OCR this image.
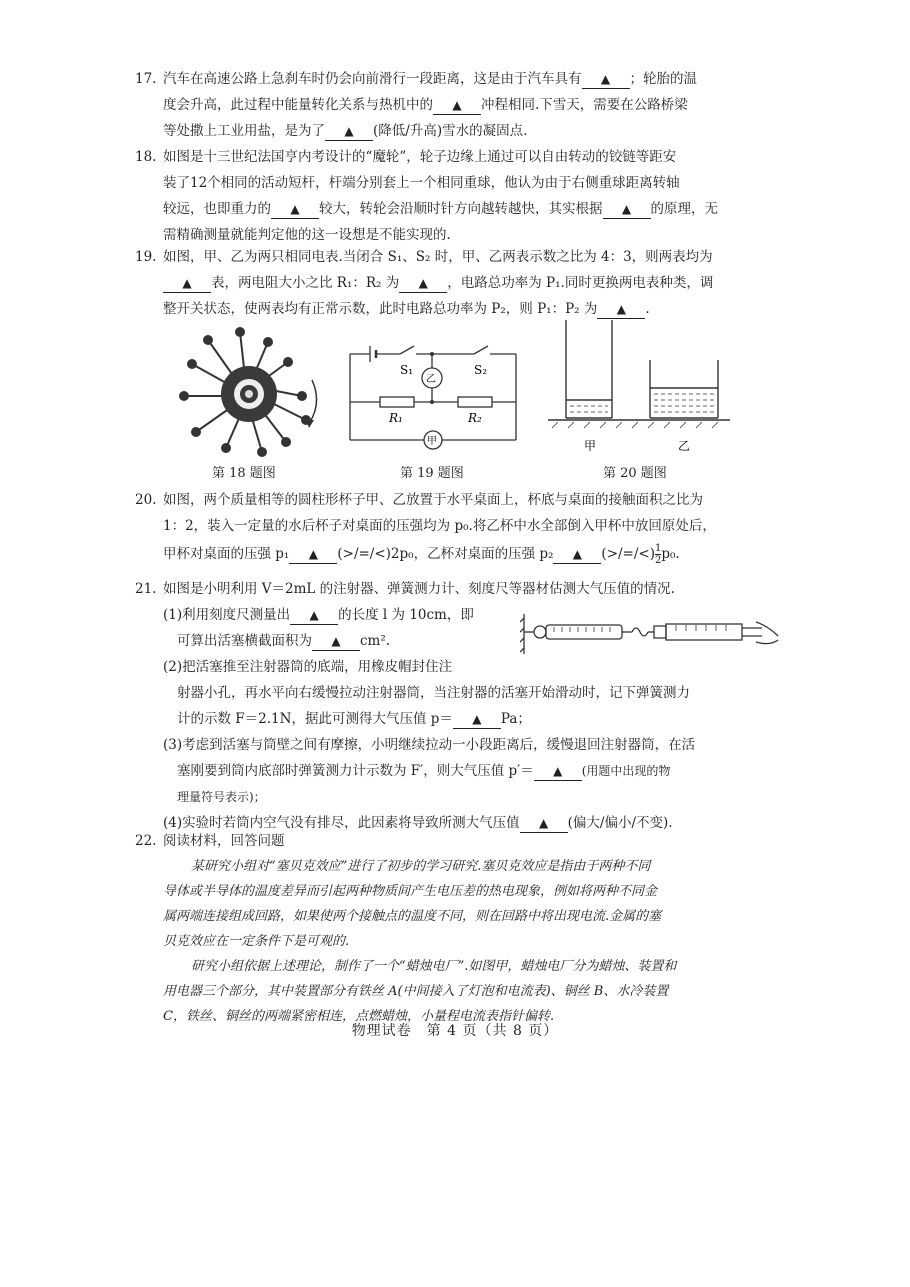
17. 汽车在高速公路上急刹车时仍会向前滑行一段距离，这是由于汽车具有 ▲ ；轮胎的温
度会升高，此过程中能量转化关系与热机中的 ▲ 冲程相同.下雪天，需要在公路桥梁
等处撒上工业用盐，是为了 ▲ (降低/升高)雪水的凝固点.
18. 如图是十三世纪法国亨内考设计的“魔轮”，轮子边缘上通过可以自由转动的铰链等距安
装了12个相同的活动短杆，杆端分别套上一个相同重球，他认为由于右侧重球距离转轴
较远，也即重力的 ▲ 较大，转轮会沿顺时针方向越转越快，其实根据 ▲ 的原理，无
需精确测量就能判定他的这一设想是不能实现的.
19. 如图，甲、乙为两只相同电表.当闭合 S₁、S₂ 时，甲、乙两表示数之比为 4：3，则两表均为
▲ 表，两电阻大小之比 R₁：R₂ 为 ▲ ，电路总功率为 P₁.同时更换两电表种类，调
整开关状态，使两表均有正常示数，此时电路总功率为 P₂，则 P₁：P₂ 为 ▲ .
第 18 题图
S₁	S₂
乙
甲
R₁	R₂
第 19 题图
甲	乙
第 20 题图
20. 如图，两个质量相等的圆柱形杯子甲、乙放置于水平桌面上，杯底与桌面的接触面积之比为
1：2，装入一定量的水后杯子对桌面的压强均为 p₀.将乙杯中水全部倒入甲杯中放回原处后，
甲杯对桌面的压强 p₁ ▲ (>/=/<)2p₀，乙杯对桌面的压强 p₂ ▲ (>/=/<) $\frac{1}{2} p_0$.
21. 如图是小明利用 V＝2mL 的注射器、弹簧测力计、刻度尺等器材估测大气压值的情况.
(1)利用刻度尺测量出 ▲ 的长度 l 为 10cm，即
可算出活塞横截面积为 ▲ cm².
(2)把活塞推至注射器筒的底端，用橡皮帽封住注
射器小孔，再水平向右缓慢拉动注射器筒，当注射器的活塞开始滑动时，记下弹簧测力
计的示数 F＝2.1N，据此可测得大气压值 p＝ ▲ Pa；
(3)考虑到活塞与筒壁之间有摩擦，小明继续拉动一小段距离后，缓慢退回注射器筒，在活
塞刚要到筒内底部时弹簧测力计示数为 F′，则大气压值 p′＝ ▲ (用题中出现的物
理量符号表示)；
(4)实验时若筒内空气没有排尽，此因素将导致所测大气压值 ▲ (偏大/偏小/不变).
22. 阅读材料，回答问题
某研究小组对“塞贝克效应”进行了初步的学习研究.塞贝克效应是指由于两种不同
导体或半导体的温度差异而引起两种物质间产生电压差的热电现象，例如将两种不同金
属两端连接组成回路，如果使两个接触点的温度不同，则在回路中将出现电流.金属的塞
贝克效应在一定条件下是可观的.
研究小组依据上述理论，制作了一个“蜡烛电厂”.如图甲，蜡烛电厂分为蜡烛、装置和
用电器三个部分，其中装置部分有铁丝 A(中间接入了灯泡和电流表)、铜丝 B、水冷装置
C，铁丝、铜丝的两端紧密相连，点燃蜡烛，小量程电流表指针偏转.
物理试卷　第 4 页（共 8 页）
